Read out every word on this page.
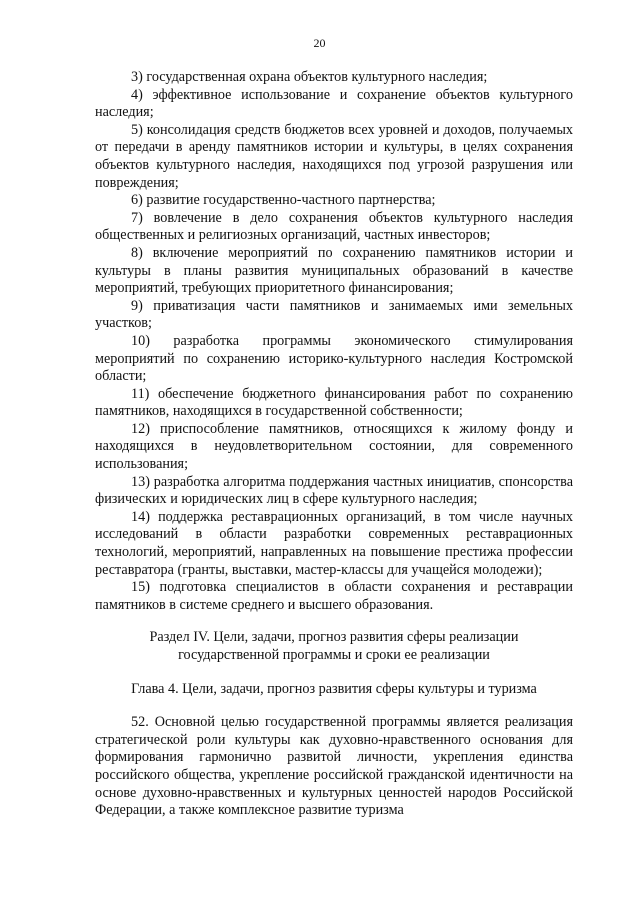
20

3) государственная охрана объектов культурного наследия;

4) эффективное использование и сохранение объектов культурного наследия;

5) консолидация средств бюджетов всех уровней и доходов, получаемых от передачи в аренду памятников истории и культуры, в целях сохранения объектов культурного наследия, находящихся под угрозой разрушения или повреждения;

6) развитие государственно-частного партнерства;

7) вовлечение в дело сохранения объектов культурного наследия общественных и религиозных организаций, частных инвесторов;

8) включение мероприятий по сохранению памятников истории и культуры в планы развития муниципальных образований в качестве мероприятий, требующих приоритетного финансирования;

9) приватизация части памятников и занимаемых ими земельных участков;

10) разработка программы экономического стимулирования мероприятий по сохранению историко-культурного наследия Костромской области;

11) обеспечение бюджетного финансирования работ по сохранению памятников, находящихся в государственной собственности;

12) приспособление памятников, относящихся к жилому фонду и находящихся в неудовлетворительном состоянии, для современного использования;

13) разработка алгоритма поддержания частных инициатив, спонсорства физических и юридических лиц в сфере культурного наследия;

14) поддержка реставрационных организаций, в том числе научных исследований в области разработки современных реставрационных технологий, мероприятий, направленных на повышение престижа профессии реставратора (гранты, выставки, мастер-классы для учащейся молодежи);

15) подготовка специалистов в области сохранения и реставрации памятников в системе среднего и высшего образования.

Раздел IV. Цели, задачи, прогноз развития сферы реализации
государственной программы и сроки ее реализации
Глава 4. Цели, задачи, прогноз развития сферы культуры и туризма

52. Основной целью государственной программы является реализация стратегической роли культуры как духовно-нравственного основания для формирования гармонично развитой личности, укрепления единства российского общества, укрепление российской гражданской идентичности на основе духовно-нравственных и культурных ценностей народов Российской Федерации, а также комплексное развитие туризма
